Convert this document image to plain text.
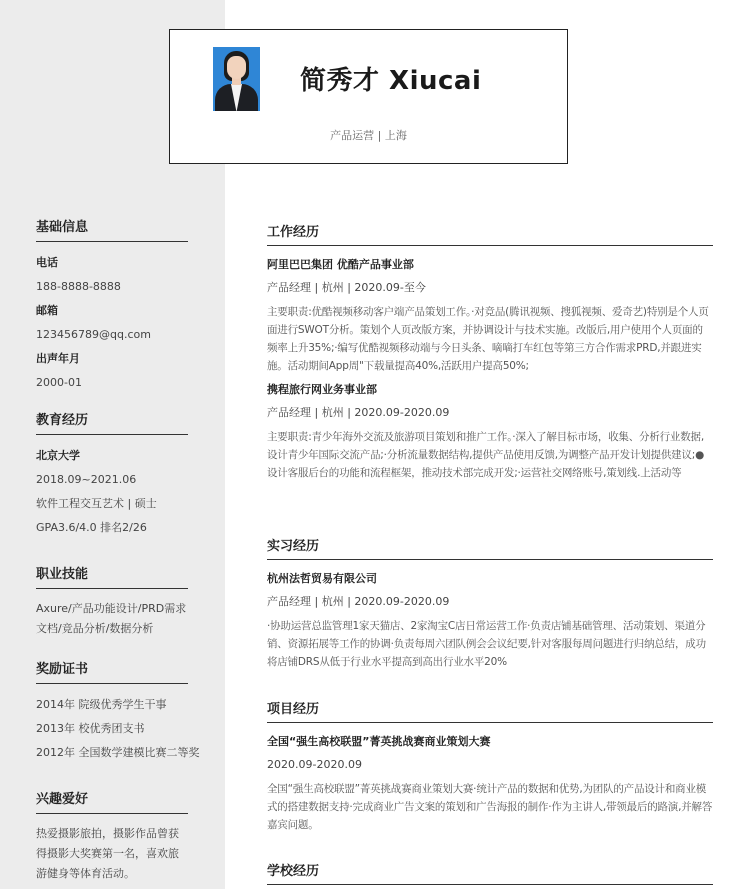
简秀才 Xiucai
产品运营 | 上海
基础信息
电话
188-8888-8888
邮箱
123456789@qq.com
出声年月
2000-01
教育经历
北京大学
2018.09~2021.06
软件工程交互艺术 | 硕士
GPA3.6/4.0 排名2/26
职业技能
Axure/产品功能设计/PRD需求文档/竞品分析/数据分析
奖励证书
2014年 院级优秀学生干事
2013年 校优秀团支书
2012年 全国数学建模比赛二等奖
兴趣爱好
热爱摄影旅拍，摄影作品曾获得摄影大奖赛第一名，喜欢旅游健身等体育活动。
工作经历
阿里巴巴集团 优酷产品事业部
产品经理 | 杭州 | 2020.09-至今
主要职责:优酷视频移动客户端产品策划工作。·对竞品(腾讯视频、搜狐视频、爱奇艺)特别是个人页面进行SWOT分析。策划个人页改版方案，并协调设计与技术实施。改版后,用户使用个人页面的频率上升35%;·编写优酷视频移动端与今日头条、嘀嘀打车红包等第三方合作需求PRD,并跟进实施。活动期间App周"下载量提高40%,活跃用户提高50%;
携程旅行网业务事业部
产品经理 | 杭州 | 2020.09-2020.09
主要职责:青少年海外交流及旅游项目策划和推广工作。·深入了解目标市场，收集、分析行业数据,设计青少年国际交流产品;·分析流量数据结构,提供产品使用反馈,为调整产品开发计划提供建议;●设计客服后台的功能和流程框架，推动技术部完成开发;·运营社交网络账号,策划线.上活动等
实习经历
杭州法哲贸易有限公司
产品经理 | 杭州 | 2020.09-2020.09
·协助运营总监管理1家天猫店、2家淘宝C店日常运营工作·负责店铺基础管理、活动策划、渠道分销、资源拓展等工作的协调·负责每周六团队例会会议纪要,针对客服每周问题进行归纳总结，成功将店铺DRS从低于行业水平提高到高出行业水平20%
项目经历
全国“强生高校联盟”菁英挑战赛商业策划大赛
2020.09-2020.09
全国“强生高校联盟”菁英挑战赛商业策划大赛·统计产品的数据和优势,为团队的产品设计和商业模式的搭建数据支持·完成商业广告文案的策划和广告海报的制作·作为主讲人,带领最后的路演,并解答嘉宾问题。
学校经历
